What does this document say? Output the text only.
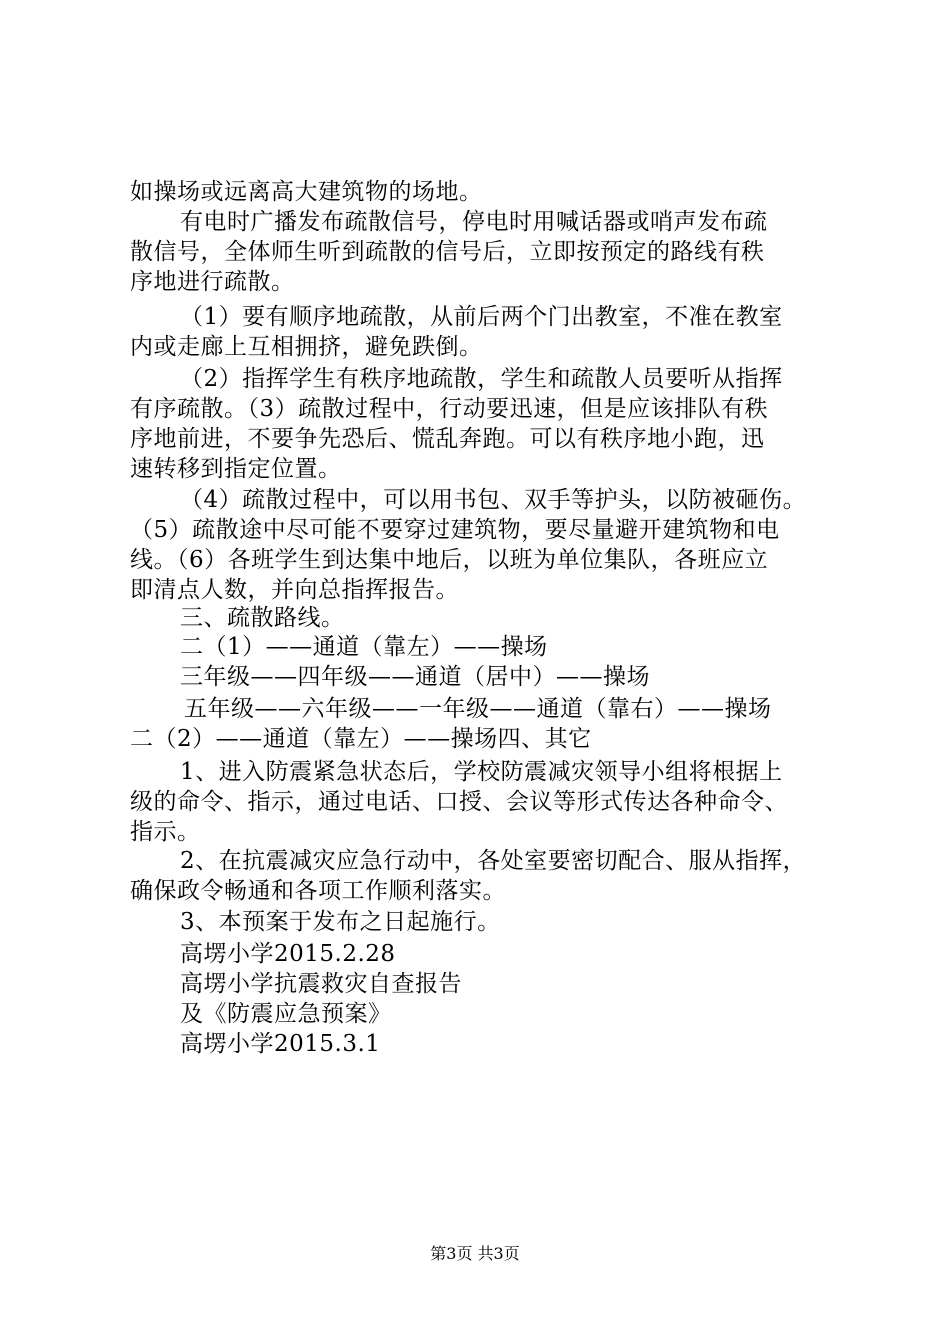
如操场或远离高大建筑物的场地。
有电时广播发布疏散信号，停电时用喊话器或哨声发布疏
散信号，全体师生听到疏散的信号后，立即按预定的路线有秩
序地进行疏散。
（1）要有顺序地疏散，从前后两个门出教室，不准在教室
内或走廊上互相拥挤，避免跌倒。
（2）指挥学生有秩序地疏散，学生和疏散人员要听从指挥
有序疏散。（3）疏散过程中，行动要迅速，但是应该排队有秩
序地前进，不要争先恐后、慌乱奔跑。可以有秩序地小跑，迅
速转移到指定位置。
（4）疏散过程中，可以用书包、双手等护头，以防被砸伤。
（5）疏散途中尽可能不要穿过建筑物，要尽量避开建筑物和电
线。（6）各班学生到达集中地后，以班为单位集队，各班应立
即清点人数，并向总指挥报告。
三、疏散路线。
二（1）——通道（靠左）——操场
三年级——四年级——通道（居中）——操场
五年级——六年级——一年级——通道（靠右）——操场
二（2）——通道（靠左）——操场四、其它
1、进入防震紧急状态后，学校防震减灾领导小组将根据上
级的命令、指示，通过电话、口授、会议等形式传达各种命令、
指示。
2、在抗震减灾应急行动中，各处室要密切配合、服从指挥，
确保政令畅通和各项工作顺利落实。
3、本预案于发布之日起施行。
高塄小学2015.2.28
高塄小学抗震救灾自查报告
及《防震应急预案》
高塄小学2015.3.1
第3页 共3页
